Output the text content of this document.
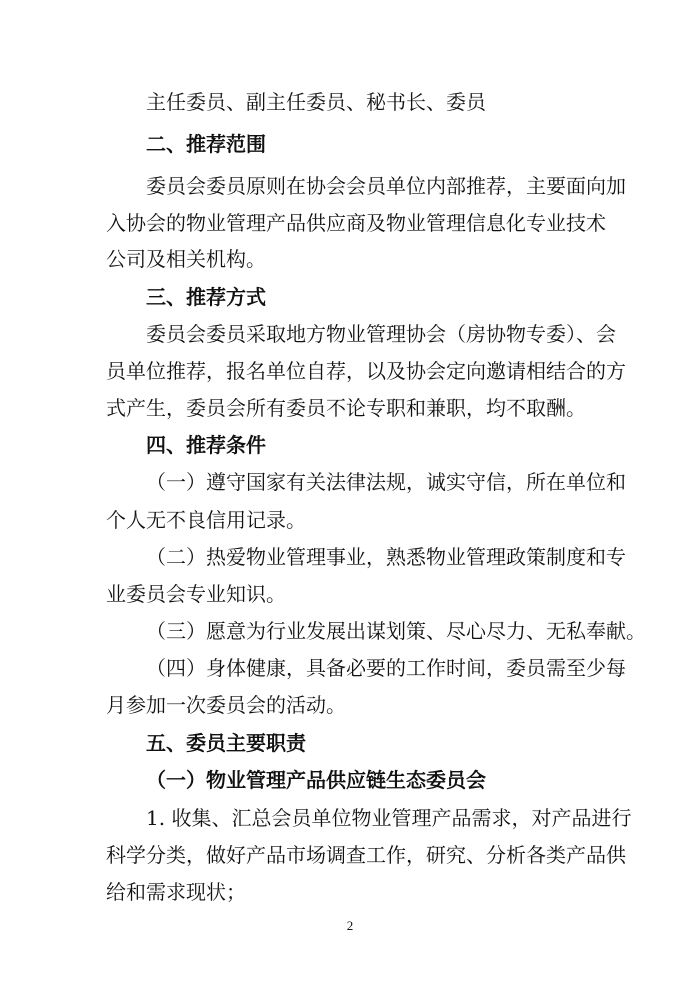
主任委员、副主任委员、秘书长、委员

二、推荐范围

委员会委员原则在协会会员单位内部推荐，主要面向加

入协会的物业管理产品供应商及物业管理信息化专业技术

公司及相关机构。

三、推荐方式

委员会委员采取地方物业管理协会（房协物专委）、会

员单位推荐，报名单位自荐，以及协会定向邀请相结合的方

式产生，委员会所有委员不论专职和兼职，均不取酬。

四、推荐条件

（一）遵守国家有关法律法规，诚实守信，所在单位和

个人无不良信用记录。

（二）热爱物业管理事业，熟悉物业管理政策制度和专

业委员会专业知识。

（三）愿意为行业发展出谋划策、尽心尽力、无私奉献。

（四）身体健康，具备必要的工作时间，委员需至少每

月参加一次委员会的活动。

五、委员主要职责

（一）物业管理产品供应链生态委员会

1. 收集、汇总会员单位物业管理产品需求，对产品进行

科学分类，做好产品市场调查工作，研究、分析各类产品供

给和需求现状；

2
